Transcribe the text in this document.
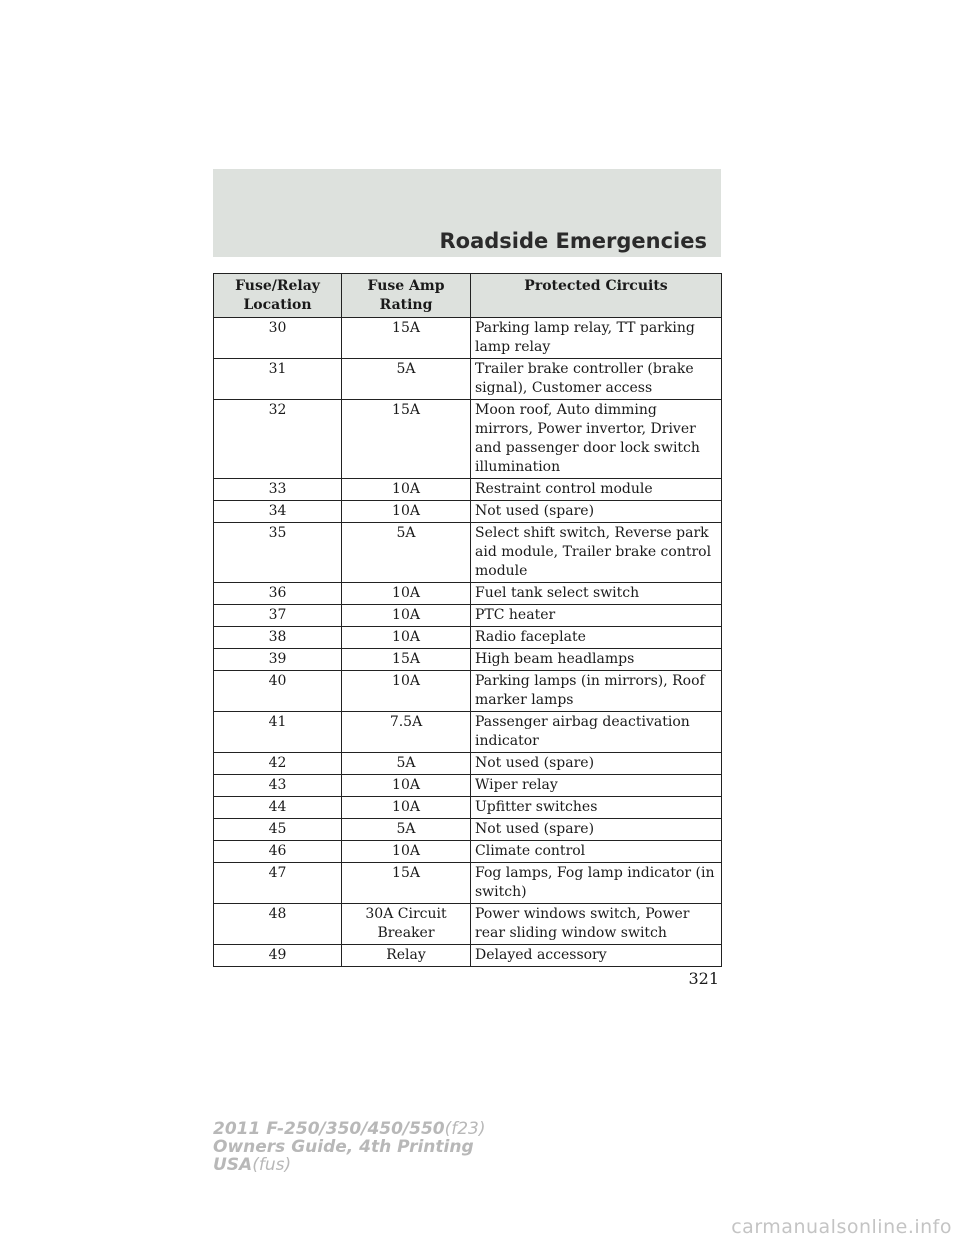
Roadside Emergencies
Fuse/Relay Location	Fuse Amp Rating	Protected Circuits
30	15A	Parking lamp relay, TT parking lamp relay
31	5A	Trailer brake controller (brake signal), Customer access
32	15A	Moon roof, Auto dimming mirrors, Power invertor, Driver and passenger door lock switch illumination
33	10A	Restraint control module
34	10A	Not used (spare)
35	5A	Select shift switch, Reverse park aid module, Trailer brake control module
36	10A	Fuel tank select switch
37	10A	PTC heater
38	10A	Radio faceplate
39	15A	High beam headlamps
40	10A	Parking lamps (in mirrors), Roof marker lamps
41	7.5A	Passenger airbag deactivation indicator
42	5A	Not used (spare)
43	10A	Wiper relay
44	10A	Upfitter switches
45	5A	Not used (spare)
46	10A	Climate control
47	15A	Fog lamps, Fog lamp indicator (in switch)
48	30A Circuit Breaker	Power windows switch, Power rear sliding window switch
49	Relay	Delayed accessory
321
2011 F-250/350/450/550(f23)
Owners Guide, 4th Printing
USA(fus)
carmanualsonline.info
